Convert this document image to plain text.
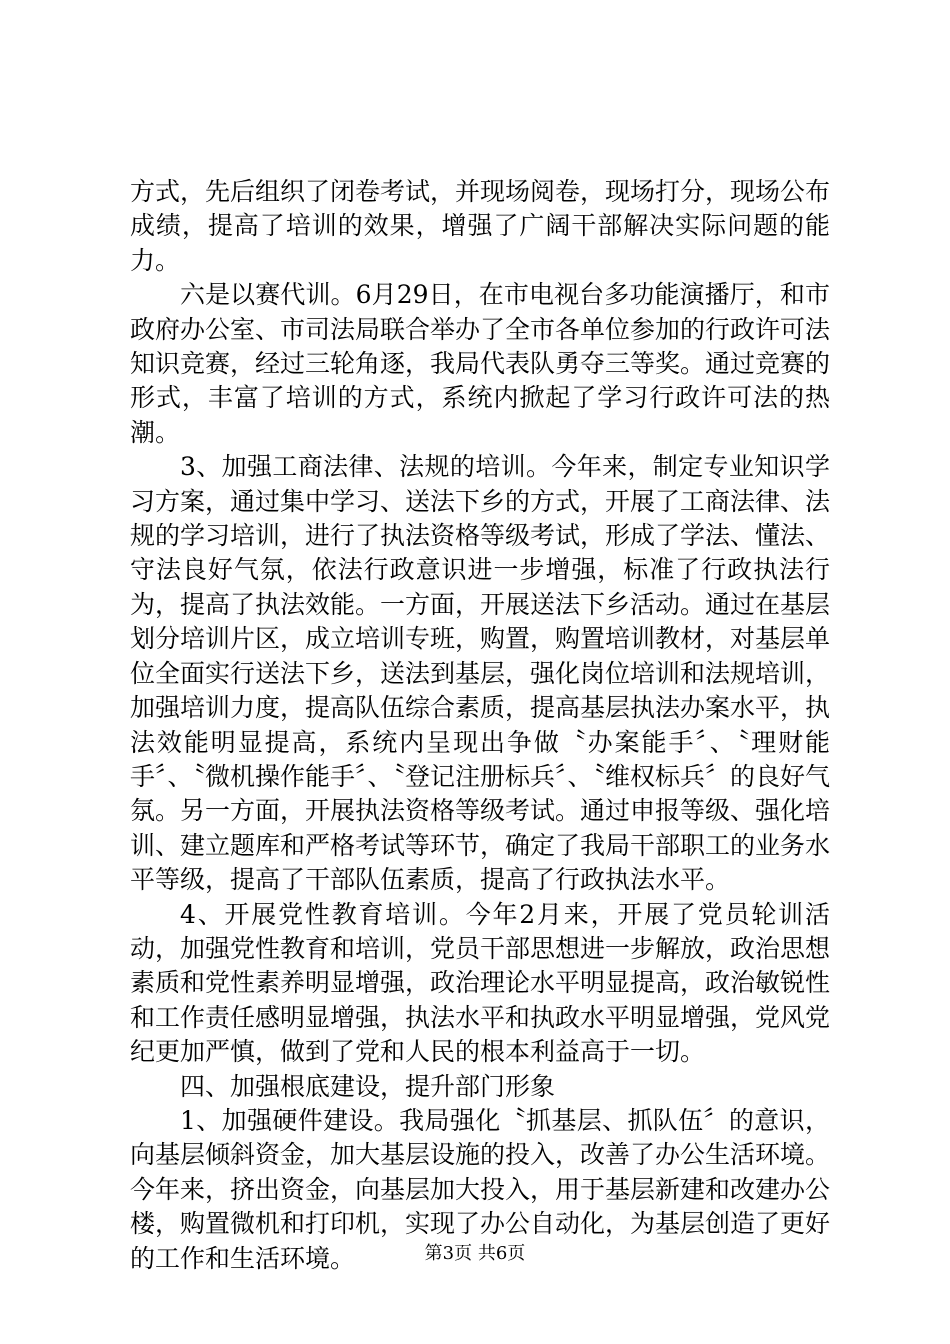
方式，先后组织了闭卷考试，并现场阅卷，现场打分，现场公布成绩，提高了培训的效果，增强了广阔干部解决实际问题的能力。

六是以赛代训。6月29日，在市电视台多功能演播厅，和市政府办公室、市司法局联合举办了全市各单位参加的行政许可法知识竞赛，经过三轮角逐，我局代表队勇夺三等奖。通过竞赛的形式，丰富了培训的方式，系统内掀起了学习行政许可法的热潮。

3、加强工商法律、法规的培训。今年来，制定专业知识学习方案，通过集中学习、送法下乡的方式，开展了工商法律、法规的学习培训，进行了执法资格等级考试，形成了学法、懂法、守法良好气氛，依法行政意识进一步增强，标准了行政执法行为，提高了执法效能。一方面，开展送法下乡活动。通过在基层划分培训片区，成立培训专班，购置，购置培训教材，对基层单位全面实行送法下乡，送法到基层，强化岗位培训和法规培训，加强培训力度，提高队伍综合素质，提高基层执法办案水平，执法效能明显提高，系统内呈现出争做〝办案能手〞、〝理财能手〞、〝微机操作能手〞、〝登记注册标兵〞、〝维权标兵〞的良好气氛。另一方面，开展执法资格等级考试。通过申报等级、强化培训、建立题库和严格考试等环节，确定了我局干部职工的业务水平等级，提高了干部队伍素质，提高了行政执法水平。

4、开展党性教育培训。今年2月来，开展了党员轮训活动，加强党性教育和培训，党员干部思想进一步解放，政治思想素质和党性素养明显增强，政治理论水平明显提高，政治敏锐性和工作责任感明显增强，执法水平和执政水平明显增强，党风党纪更加严慎，做到了党和人民的根本利益高于一切。

四、加强根底建设，提升部门形象

1、加强硬件建设。我局强化〝抓基层、抓队伍〞的意识，向基层倾斜资金，加大基层设施的投入，改善了办公生活环境。今年来，挤出资金，向基层加大投入，用于基层新建和改建办公楼，购置微机和打印机，实现了办公自动化，为基层创造了更好的工作和生活环境。	第3页 共6页
